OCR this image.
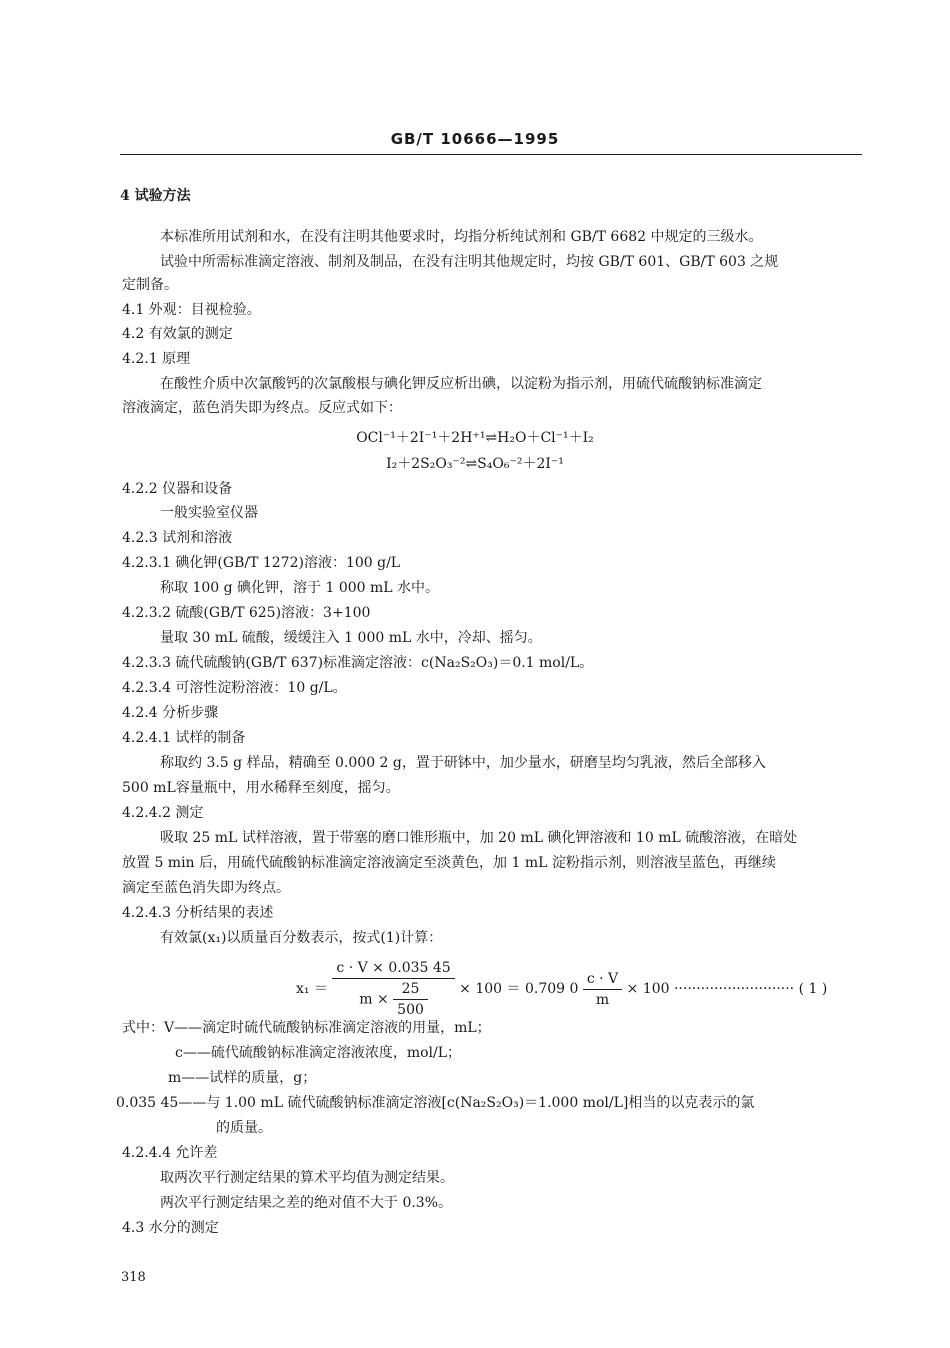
GB/T 10666—1995
4 试验方法
本标准所用试剂和水，在没有注明其他要求时，均指分析纯试剂和 GB/T 6682 中规定的三级水。
试验中所需标准滴定溶液、制剂及制品，在没有注明其他规定时，均按 GB/T 601、GB/T 603 之规
定制备。
4.1 外观：目视检验。
4.2 有效氯的测定
4.2.1 原理
在酸性介质中次氯酸钙的次氯酸根与碘化钾反应析出碘，以淀粉为指示剂，用硫代硫酸钠标准滴定
溶液滴定，蓝色消失即为终点。反应式如下：
4.2.2 仪器和设备
一般实验室仪器
4.2.3 试剂和溶液
4.2.3.1 碘化钾(GB/T 1272)溶液：100 g/L
称取 100 g 碘化钾，溶于 1 000 mL 水中。
4.2.3.2 硫酸(GB/T 625)溶液：3+100
量取 30 mL 硫酸，缓缓注入 1 000 mL 水中，冷却、摇匀。
4.2.3.3 硫代硫酸钠(GB/T 637)标准滴定溶液：c(Na₂S₂O₃)＝0.1 mol/L。
4.2.3.4 可溶性淀粉溶液：10 g/L。
4.2.4 分析步骤
4.2.4.1 试样的制备
称取约 3.5 g 样品，精确至 0.000 2 g，置于研钵中，加少量水，研磨呈均匀乳液，然后全部移入
500 mL容量瓶中，用水稀释至刻度，摇匀。
4.2.4.2 测定
吸取 25 mL 试样溶液，置于带塞的磨口锥形瓶中，加 20 mL 碘化钾溶液和 10 mL 硫酸溶液，在暗处
放置 5 min 后，用硫代硫酸钠标准滴定溶液滴定至淡黄色，加 1 mL 淀粉指示剂，则溶液呈蓝色，再继续
滴定至蓝色消失即为终点。
4.2.4.3 分析结果的表述
有效氯(x₁)以质量百分数表示，按式(1)计算：
式中：V——滴定时硫代硫酸钠标准滴定溶液的用量，mL；
c——硫代硫酸钠标准滴定溶液浓度，mol/L；
m——试样的质量，g；
0.035 45——与 1.00 mL 硫代硫酸钠标准滴定溶液[c(Na₂S₂O₃)＝1.000 mol/L]相当的以克表示的氯
的质量。
4.2.4.4 允许差
取两次平行测定结果的算术平均值为测定结果。
两次平行测定结果之差的绝对值不大于 0.3%。
4.3 水分的测定
OCl⁻¹＋2I⁻¹＋2H⁺¹⇌H₂O＋Cl⁻¹＋I₂
I₂＋2S₂O₃⁻²⇌S₄O₆⁻²＋2I⁻¹
$x_1 = \frac{c \cdot V \times 0.035 45}{m \times \frac{25}{500}} \times 100 = 0.709$ $0 \frac{c \cdot V}{m} \times 100$ ··························· ( 1 )
318
